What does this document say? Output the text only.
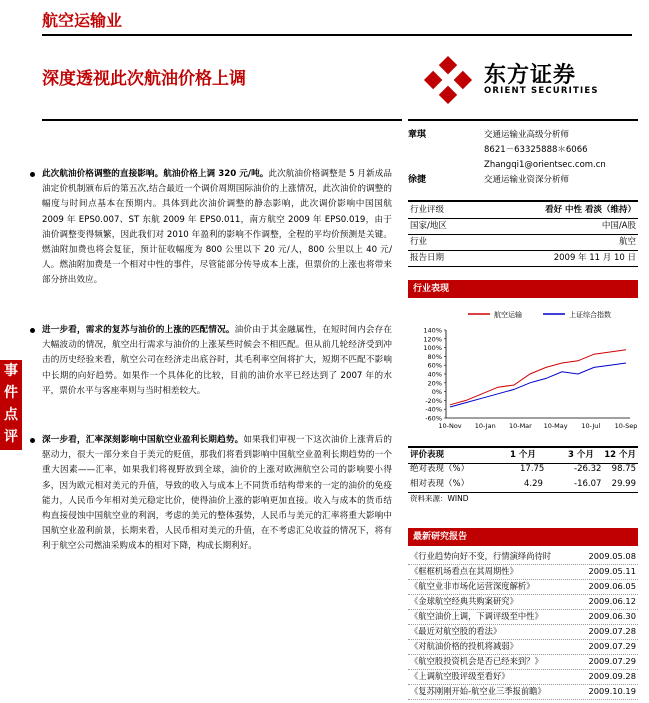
航空运输业
深度透视此次航油价格上调	东方证券
ORIENT SECURITIES
章琪	交通运输业高级分析师
8621－63325888＊6066
Zhangqi1@orientsec.com.cn
徐捷	交通运输业资深分析师
事
件
点
评
此次航油价格调整的直接影响。航油价格上调 320 元/吨。此次航油价格调整是 5 月新成品油定价机制颁布后的第五次,结合最近一个调价周期国际油价的上涨情况，此次油价的调整的幅度与时间点基本在预期内。具体到此次油价调整的静态影响，此次调价影响中国国航 2009 年 EPS0.007、ST 东航 2009 年 EPS0.011，南方航空 2009 年 EPS0.019，由于油价调整变得频繁，因此我们对 2010 年盈利的影响不作调整，全程的平均价预测是关键。燃油附加费也将会复征，预计征收幅度为 800 公里以下 20 元/人，800 公里以上 40 元/人。燃油附加费是一个相对中性的事件，尽管能部分传导成本上涨，但票价的上涨也将带来部分挤出效应。
进一步看，需求的复苏与油价的上涨的匹配情况。油价由于其金融属性，在短时间内会存在大幅波动的情况，航空出行需求与油价的上涨某些时候会不相匹配。但从前几轮经济受到冲击的历史经验来看，航空公司在经济走出底谷时，其毛利率空间将扩大，短期不匹配不影响中长期的向好趋势。如果作一个具体化的比较，目前的油价水平已经达到了 2007 年的水平，票价水平与客座率则与当时相差较大。
深一步看，汇率深刻影响中国航空业盈利长期趋势。如果我们审视一下这次油价上涨背后的驱动力，很大一部分来自于美元的贬值，那我们将看到影响中国航空业盈利长期趋势的一个重大因素——汇率，如果我们将视野放到全球，油价的上涨对欧洲航空公司的影响要小得多，因为欧元相对美元的升值，导致的收入与成本上不同货币结构带来的一定的油价的免疫能力，人民币今年相对美元稳定比价，使得油价上涨的影响更加直接。收入与成本的货币结构直接侵蚀中国航空业的利润，考虑的美元的整体强势，人民币与美元的汇率将重大影响中国航空业盈利前景，长期来看，人民币相对美元的升值，在不考虑汇兑收益的情况下，将有利于航空公司燃油采购成本的相对下降，构成长期利好。
行业评级	看好 中性 看淡（维持）
国家/地区	中国/A股
行业	航空
报告日期	2009 年 11 月 10 日
行业表现
航空运输	上证综合指数
140%
120%
100%
80%
60%
40%
20%
0%
-20%
-40%
-60%
10-Nov 10-Jan 10-Mar 10-May 10-Jul 10-Sep
评价表现	1 个月	3 个月 12 个月
绝对表现（%）	17.75	-26.32 98.75
相对表现（%）	4.29	-16.07 29.99
资料来源：WIND
最新研究报告
《行业趋势向好不变，行情演绎尚待时	2009.05.08
《框框机场看点在其周期性》	2009.05.11
《航空业非市场化运营深度解析》	2009.06.05
《金球航空经典共购案研究》	2009.06.12
《航空油价上调，下调评级至中性》	2009.06.30
《最近对航空股的看法》	2009.07.28
《对航油价格的投机将减弱》	2009.07.29
《航空股投资机会是否已经来到？》	2009.07.29
《上调航空股评级至看好》	2009.09.28
《复苏刚刚开始-航空业三季报前瞻》	2009.10.19
